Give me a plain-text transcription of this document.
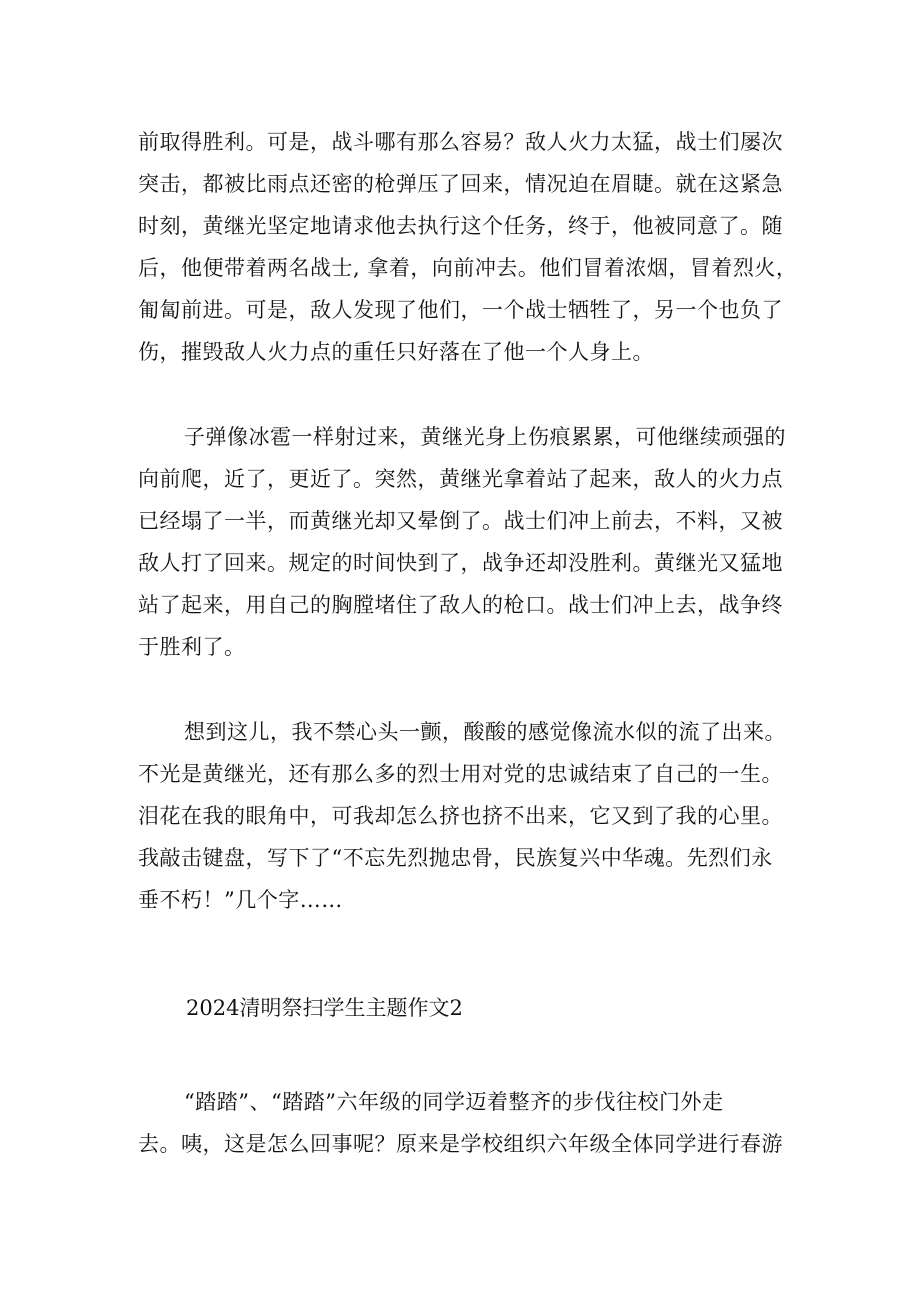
前取得胜利。可是，战斗哪有那么容易？敌人火力太猛，战士们屡次
突击，都被比雨点还密的枪弹压了回来，情况迫在眉睫。就在这紧急
时刻，黄继光坚定地请求他去执行这个任务，终于，他被同意了。随
后，他便带着两名战士, 拿着，向前冲去。他们冒着浓烟，冒着烈火，
匍匐前进。可是，敌人发现了他们，一个战士牺牲了，另一个也负了
伤，摧毁敌人火力点的重任只好落在了他一个人身上。
子弹像冰雹一样射过来，黄继光身上伤痕累累，可他继续顽强的
向前爬，近了，更近了。突然，黄继光拿着站了起来，敌人的火力点
已经塌了一半，而黄继光却又晕倒了。战士们冲上前去，不料，又被
敌人打了回来。规定的时间快到了，战争还却没胜利。黄继光又猛地
站了起来，用自己的胸膛堵住了敌人的枪口。战士们冲上去，战争终
于胜利了。
想到这儿，我不禁心头一颤，酸酸的感觉像流水似的流了出来。
不光是黄继光，还有那么多的烈士用对党的忠诚结束了自己的一生。
泪花在我的眼角中，可我却怎么挤也挤不出来，它又到了我的心里。
我敲击键盘，写下了“不忘先烈抛忠骨，民族复兴中华魂。先烈们永
垂不朽！”几个字……
2024清明祭扫学生主题作文2
“踏踏”、“踏踏”六年级的同学迈着整齐的步伐往校门外走
去。咦，这是怎么回事呢？原来是学校组织六年级全体同学进行春游
